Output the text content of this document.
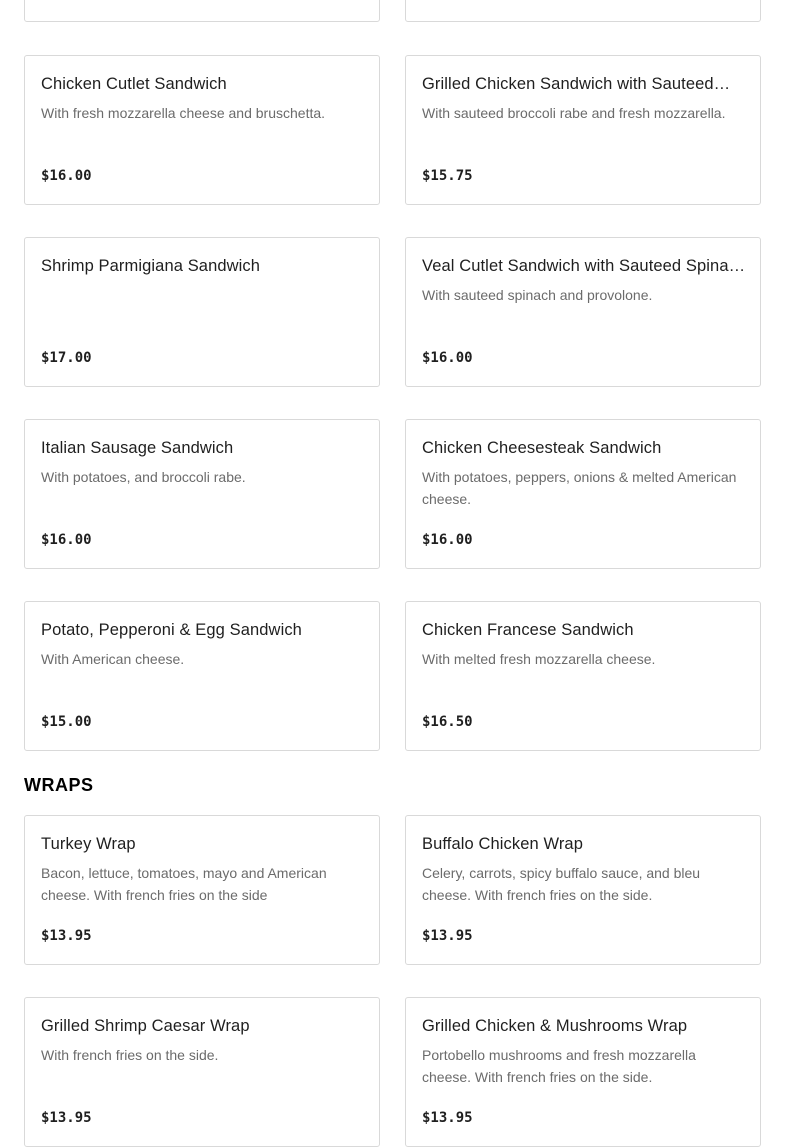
Chicken Cutlet Sandwich
With fresh mozzarella cheese and bruschetta.
$16.00
Grilled Chicken Sandwich with Sauteed…
With sauteed broccoli rabe and fresh mozzarella.
$15.75
Shrimp Parmigiana Sandwich
$17.00
Veal Cutlet Sandwich with Sauteed Spinach
With sauteed spinach and provolone.
$16.00
Italian Sausage Sandwich
With potatoes, and broccoli rabe.
$16.00
Chicken Cheesesteak Sandwich
With potatoes, peppers, onions & melted American cheese.
$16.00
Potato, Pepperoni & Egg Sandwich
With American cheese.
$15.00
Chicken Francese Sandwich
With melted fresh mozzarella cheese.
$16.50
WRAPS
Turkey Wrap
Bacon, lettuce, tomatoes, mayo and American cheese. With french fries on the side
$13.95
Buffalo Chicken Wrap
Celery, carrots, spicy buffalo sauce, and bleu cheese. With french fries on the side.
$13.95
Grilled Shrimp Caesar Wrap
With french fries on the side.
$13.95
Grilled Chicken & Mushrooms Wrap
Portobello mushrooms and fresh mozzarella cheese. With french fries on the side.
$13.95
